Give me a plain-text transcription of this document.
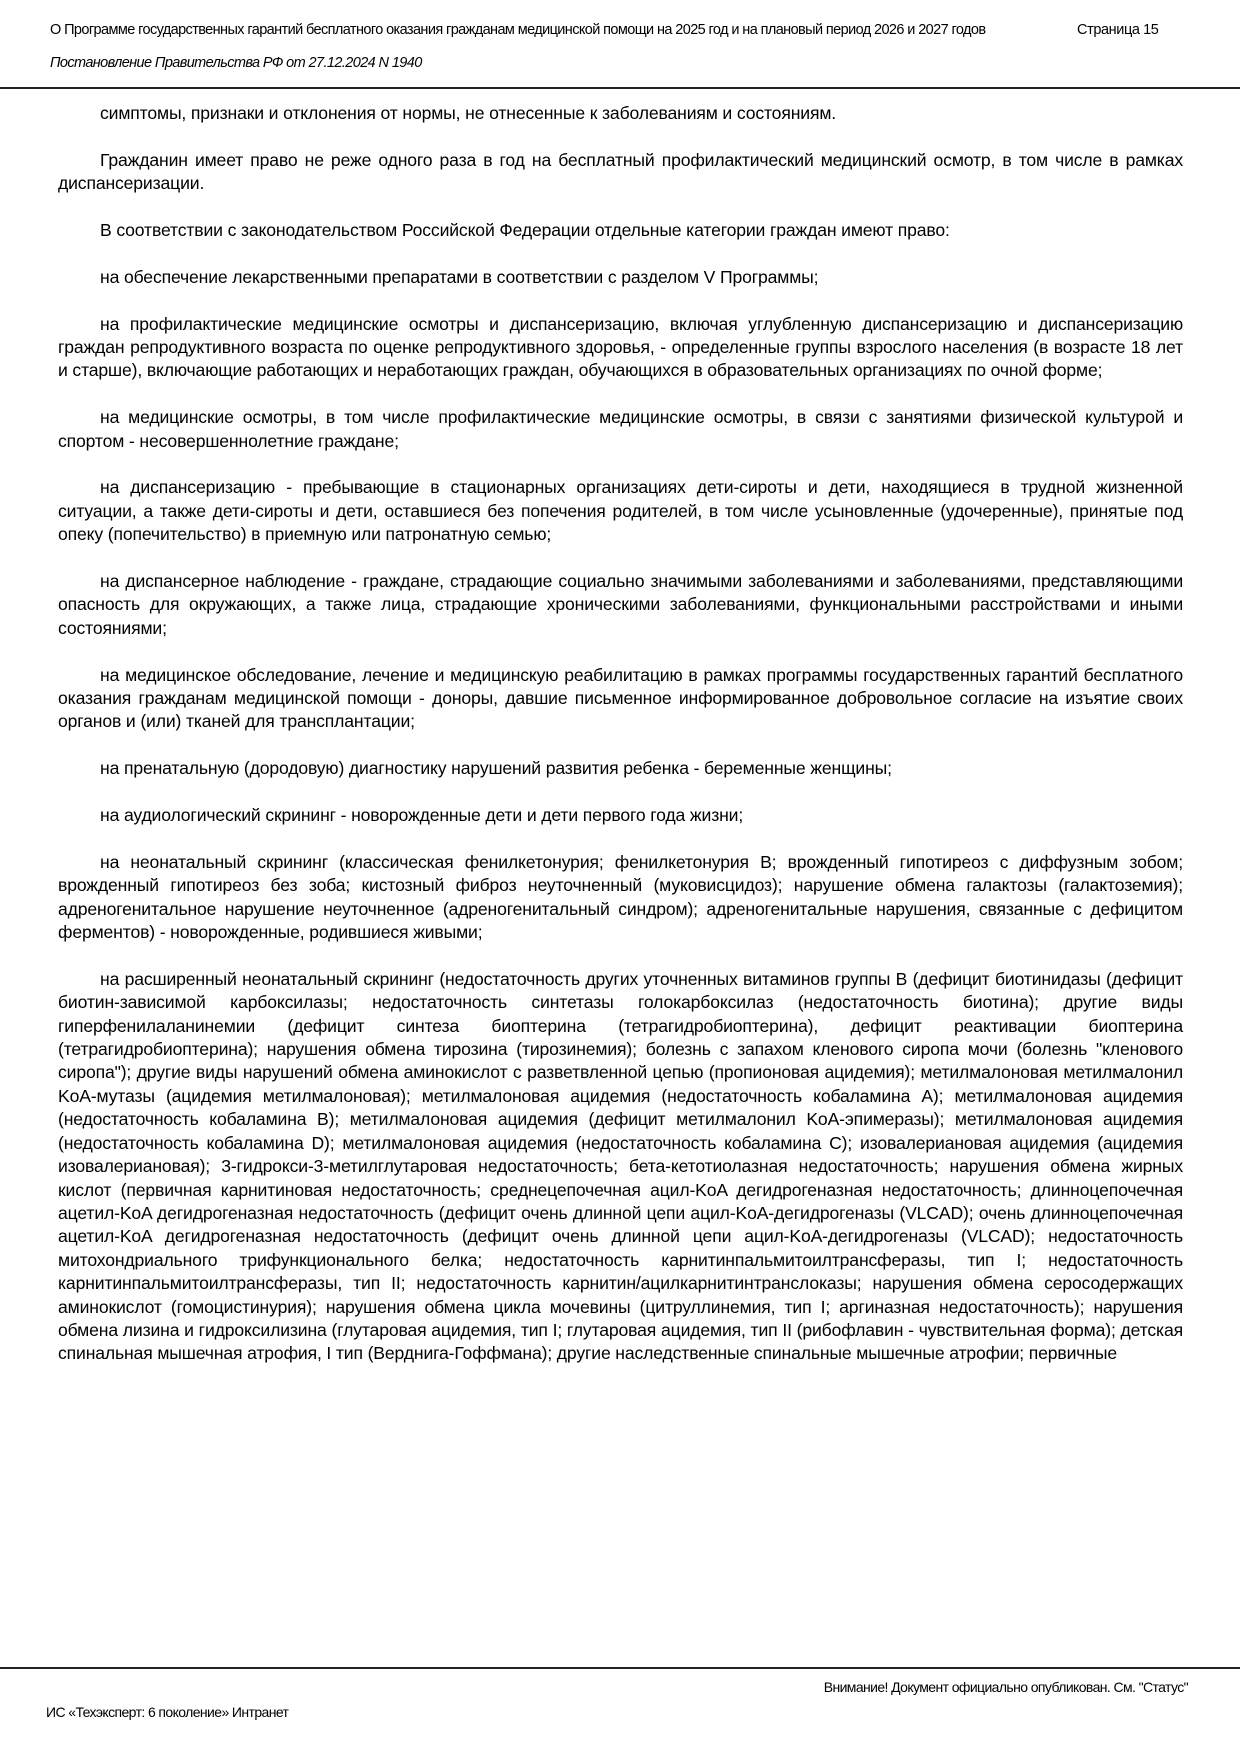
О Программе государственных гарантий бесплатного оказания гражданам медицинской помощи на 2025 год и на плановый период 2026 и 2027 годов
Постановление Правительства РФ от 27.12.2024 N 1940
Страница 15

симптомы, признаки и отклонения от нормы, не отнесенные к заболеваниям и состояниям.

Гражданин имеет право не реже одного раза в год на бесплатный профилактический медицинский осмотр, в том числе в рамках диспансеризации.

В соответствии с законодательством Российской Федерации отдельные категории граждан имеют право:

на обеспечение лекарственными препаратами в соответствии с разделом V Программы;

на профилактические медицинские осмотры и диспансеризацию, включая углубленную диспансеризацию и диспансеризацию граждан репродуктивного возраста по оценке репродуктивного здоровья, - определенные группы взрослого населения (в возрасте 18 лет и старше), включающие работающих и неработающих граждан, обучающихся в образовательных организациях по очной форме;

на медицинские осмотры, в том числе профилактические медицинские осмотры, в связи с занятиями физической культурой и спортом - несовершеннолетние граждане;

на диспансеризацию - пребывающие в стационарных организациях дети-сироты и дети, находящиеся в трудной жизненной ситуации, а также дети-сироты и дети, оставшиеся без попечения родителей, в том числе усыновленные (удочеренные), принятые под опеку (попечительство) в приемную или патронатную семью;

на диспансерное наблюдение - граждане, страдающие социально значимыми заболеваниями и заболеваниями, представляющими опасность для окружающих, а также лица, страдающие хроническими заболеваниями, функциональными расстройствами и иными состояниями;

на медицинское обследование, лечение и медицинскую реабилитацию в рамках программы государственных гарантий бесплатного оказания гражданам медицинской помощи - доноры, давшие письменное информированное добровольное согласие на изъятие своих органов и (или) тканей для трансплантации;

на пренатальную (дородовую) диагностику нарушений развития ребенка - беременные женщины;

на аудиологический скрининг - новорожденные дети и дети первого года жизни;

на неонатальный скрининг (классическая фенилкетонурия; фенилкетонурия B; врожденный гипотиреоз с диффузным зобом; врожденный гипотиреоз без зоба; кистозный фиброз неуточненный (муковисцидоз); нарушение обмена галактозы (галактоземия); адреногенитальное нарушение неуточненное (адреногенитальный синдром); адреногенитальные нарушения, связанные с дефицитом ферментов) - новорожденные, родившиеся живыми;

на расширенный неонатальный скрининг (недостаточность других уточненных витаминов группы B (дефицит биотинидазы (дефицит биотин-зависимой карбоксилазы; недостаточность синтетазы голокарбоксилаз (недостаточность биотина); другие виды гиперфенилаланинемии (дефицит синтеза биоптерина (тетрагидробиоптерина), дефицит реактивации биоптерина (тетрагидробиоптерина); нарушения обмена тирозина (тирозинемия); болезнь с запахом кленового сиропа мочи (болезнь "кленового сиропа"); другие виды нарушений обмена аминокислот с разветвленной цепью (пропионовая ацидемия); метилмалоновая метилмалонил KoA-мутазы (ацидемия метилмалоновая); метилмалоновая ацидемия (недостаточность кобаламина A); метилмалоновая ацидемия (недостаточность кобаламина B); метилмалоновая ацидемия (дефицит метилмалонил KoA-эпимеразы); метилмалоновая ацидемия (недостаточность кобаламина D); метилмалоновая ацидемия (недостаточность кобаламина C); изовалериановая ацидемия (ацидемия изовалериановая); 3-гидрокси-3-метилглутаровая недостаточность; бета-кетотиолазная недостаточность; нарушения обмена жирных кислот (первичная карнитиновая недостаточность; среднецепочечная ацил-KoA дегидрогеназная недостаточность; длинноцепочечная ацетил-KoA дегидрогеназная недостаточность (дефицит очень длинной цепи ацил-KoA-дегидрогеназы (VLCAD); очень длинноцепочечная ацетил-KoA дегидрогеназная недостаточность (дефицит очень длинной цепи ацил-KoA-дегидрогеназы (VLCAD); недостаточность митохондриального трифункционального белка; недостаточность карнитинпальмитоилтрансферазы, тип I; недостаточность карнитинпальмитоилтрансферазы, тип II; недостаточность карнитин/ацилкарнитинтранслоказы; нарушения обмена серосодержащих аминокислот (гомоцистинурия); нарушения обмена цикла мочевины (цитруллинемия, тип I; аргиназная недостаточность); нарушения обмена лизина и гидроксилизина (глутаровая ацидемия, тип I; глутаровая ацидемия, тип II (рибофлавин - чувствительная форма); детская спинальная мышечная атрофия, I тип (Верднига-Гоффмана); другие наследственные спинальные мышечные атрофии; первичные

Внимание! Документ официально опубликован. См. "Статус"
ИС «Техэксперт: 6 поколение» Интранет
